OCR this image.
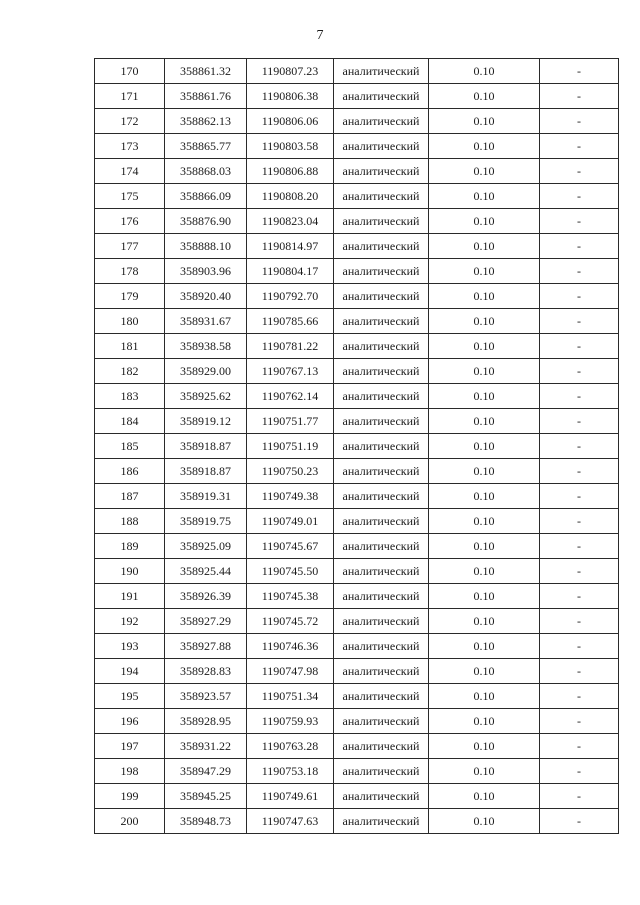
7
170	358861.32	1190807.23	аналитический	0.10	-
171	358861.76	1190806.38	аналитический	0.10	-
172	358862.13	1190806.06	аналитический	0.10	-
173	358865.77	1190803.58	аналитический	0.10	-
174	358868.03	1190806.88	аналитический	0.10	-
175	358866.09	1190808.20	аналитический	0.10	-
176	358876.90	1190823.04	аналитический	0.10	-
177	358888.10	1190814.97	аналитический	0.10	-
178	358903.96	1190804.17	аналитический	0.10	-
179	358920.40	1190792.70	аналитический	0.10	-
180	358931.67	1190785.66	аналитический	0.10	-
181	358938.58	1190781.22	аналитический	0.10	-
182	358929.00	1190767.13	аналитический	0.10	-
183	358925.62	1190762.14	аналитический	0.10	-
184	358919.12	1190751.77	аналитический	0.10	-
185	358918.87	1190751.19	аналитический	0.10	-
186	358918.87	1190750.23	аналитический	0.10	-
187	358919.31	1190749.38	аналитический	0.10	-
188	358919.75	1190749.01	аналитический	0.10	-
189	358925.09	1190745.67	аналитический	0.10	-
190	358925.44	1190745.50	аналитический	0.10	-
191	358926.39	1190745.38	аналитический	0.10	-
192	358927.29	1190745.72	аналитический	0.10	-
193	358927.88	1190746.36	аналитический	0.10	-
194	358928.83	1190747.98	аналитический	0.10	-
195	358923.57	1190751.34	аналитический	0.10	-
196	358928.95	1190759.93	аналитический	0.10	-
197	358931.22	1190763.28	аналитический	0.10	-
198	358947.29	1190753.18	аналитический	0.10	-
199	358945.25	1190749.61	аналитический	0.10	-
200	358948.73	1190747.63	аналитический	0.10	-
